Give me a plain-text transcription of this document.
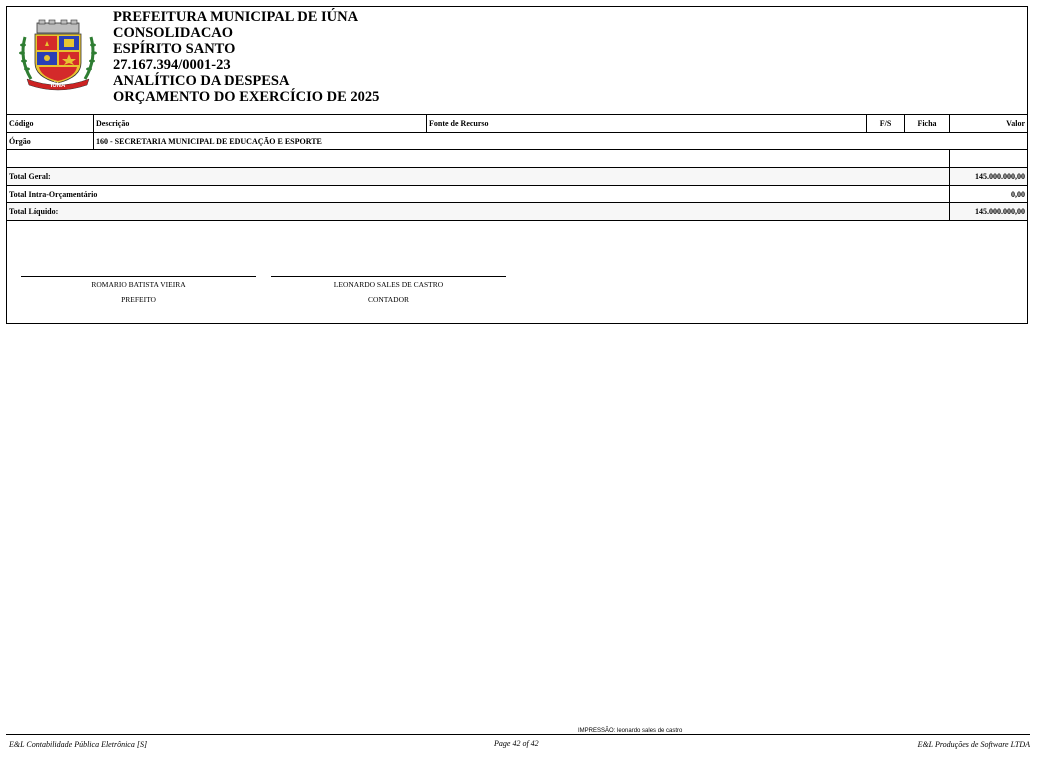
IÚNA
PREFEITURA MUNICIPAL DE IÚNA
CONSOLIDACAO
ESPÍRITO SANTO
27.167.394/0001-23
ANALÍTICO DA DESPESA
ORÇAMENTO DO EXERCÍCIO DE 2025
Código	Descrição	Fonte de Recurso	F/S	Ficha	Valor
Órgão	160 - SECRETARIA MUNICIPAL DE EDUCAÇÃO E ESPORTE
Total Geral:	145.000.000,00
Total Intra-Orçamentário	0,00
Total Líquido:	145.000.000,00
ROMARIO BATISTA VIEIRA
PREFEITO
LEONARDO SALES DE CASTRO
CONTADOR
IMPRESSÃO: leonardo sales de castro
E&L Contabilidade Pública Eletrônica [S]	Page 42 of 42	E&L Produções de Software LTDA
